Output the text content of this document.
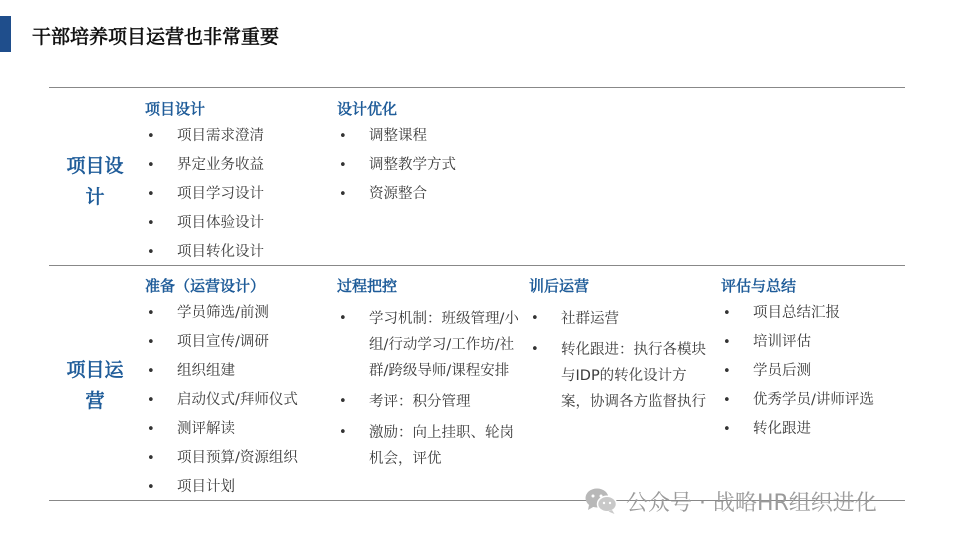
干部培养项目运营也非常重要
项目设
计
项目设计
• 项目需求澄清
• 界定业务收益
• 项目学习设计
• 项目体验设计
• 项目转化设计
设计优化
• 调整课程
• 调整教学方式
• 资源整合
项目运
营
准备（运营设计）
• 学员筛选/前测
• 项目宣传/调研
• 组织组建
• 启动仪式/拜师仪式
• 测评解读
• 项目预算/资源组织
• 项目计划
过程把控
• 学习机制：班级管理/小组/行动学习/工作坊/社群/跨级导师/课程安排
• 考评：积分管理
• 激励：向上挂职、轮岗机会，评优
训后运营
• 社群运营
• 转化跟进：执行各模块与IDP的转化设计方案，协调各方监督执行
评估与总结
• 项目总结汇报
• 培训评估
• 学员后测
• 优秀学员/讲师评选
• 转化跟进
公众号 · 战略HR组织进化
